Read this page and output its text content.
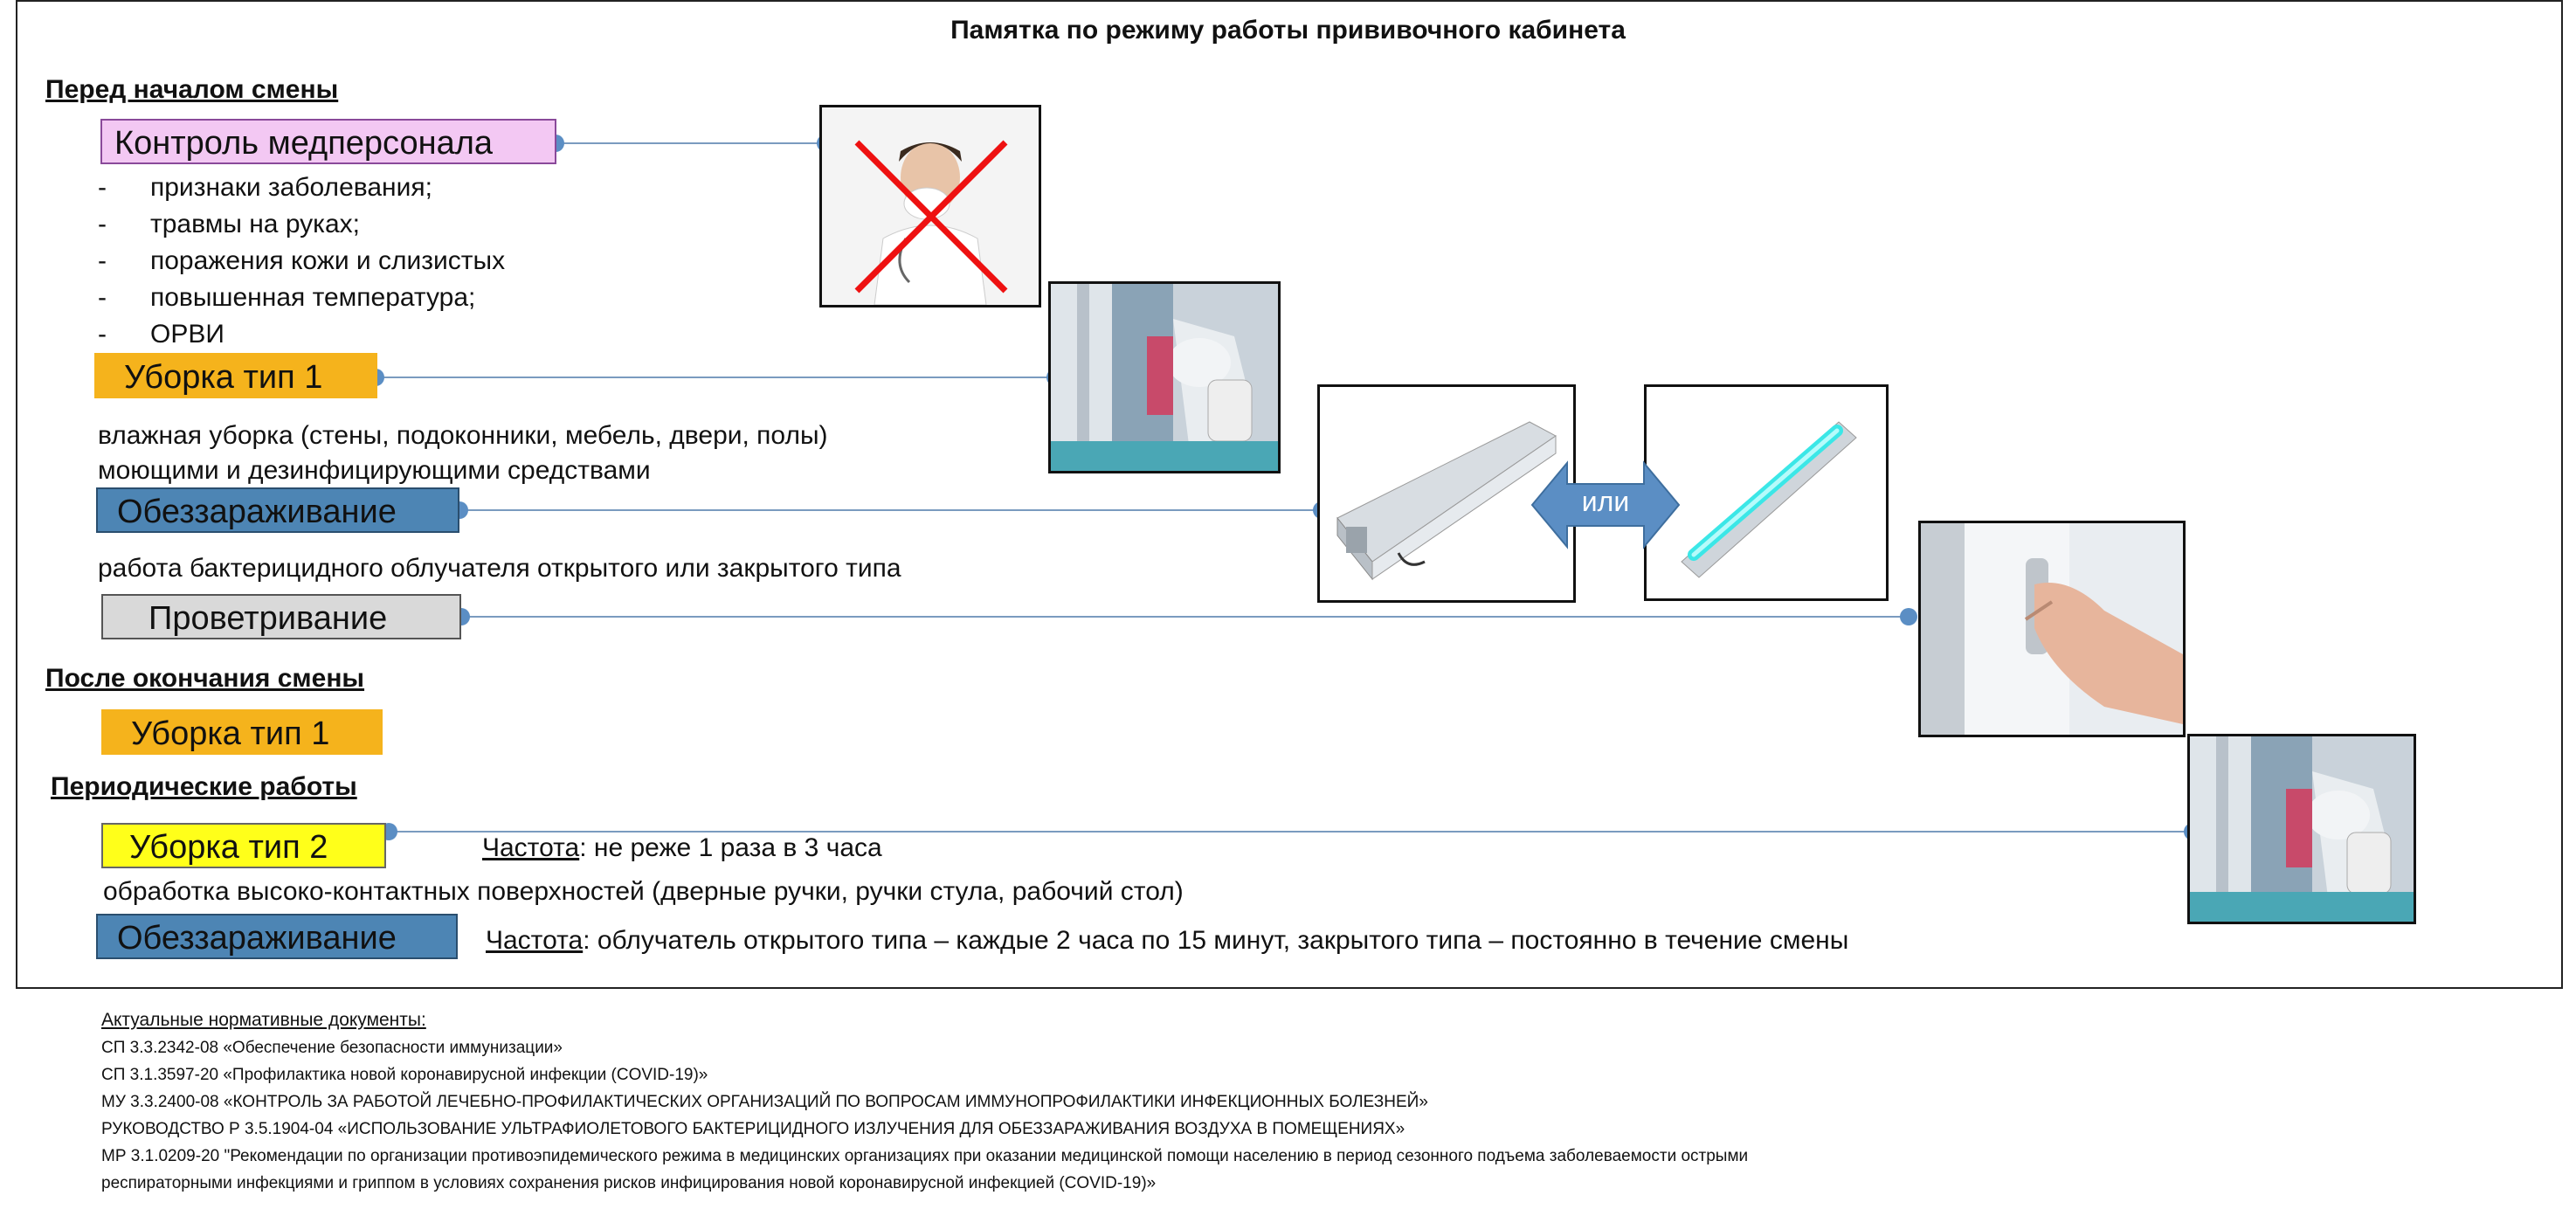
Памятка по режиму работы прививочного кабинета
Перед началом смены
Контроль медперсонала
- признаки заболевания;
- травмы на руках;
- поражения кожи и слизистых
- повышенная температура;
- ОРВИ
Уборка тип 1
влажная уборка (стены, подоконники, мебель, двери, полы)
моющими и дезинфицирующими средствами
Обеззараживание
работа бактерицидного облучателя открытого или закрытого типа
Проветривание
После окончания смены
Уборка тип 1
Периодические работы
Уборка тип 2	Частота: не реже 1 раза в 3 часа
обработка высоко-контактных поверхностей (дверные ручки, ручки стула, рабочий стол)
Обеззараживание	Частота: облучатель открытого типа – каждые 2 часа по 15 минут, закрытого типа – постоянно в течение смены
или
Актуальные нормативные документы:
СП 3.3.2342-08 «Обеспечение безопасности иммунизации»
СП 3.1.3597-20 «Профилактика новой коронавирусной инфекции (COVID-19)»
МУ 3.3.2400-08 «КОНТРОЛЬ ЗА РАБОТОЙ ЛЕЧЕБНО-ПРОФИЛАКТИЧЕСКИХ ОРГАНИЗАЦИЙ ПО ВОПРОСАМ ИММУНОПРОФИЛАКТИКИ ИНФЕКЦИОННЫХ БОЛЕЗНЕЙ»
РУКОВОДСТВО Р 3.5.1904-04 «ИСПОЛЬЗОВАНИЕ УЛЬТРАФИОЛЕТОВОГО БАКТЕРИЦИДНОГО ИЗЛУЧЕНИЯ ДЛЯ ОБЕЗЗАРАЖИВАНИЯ ВОЗДУХА В ПОМЕЩЕНИЯХ»
МР 3.1.0209-20 "Рекомендации по организации противоэпидемического режима в медицинских организациях при оказании медицинской помощи населению в период сезонного подъема заболеваемости острыми
респираторными инфекциями и гриппом в условиях сохранения рисков инфицирования новой коронавирусной инфекцией (COVID-19)»
